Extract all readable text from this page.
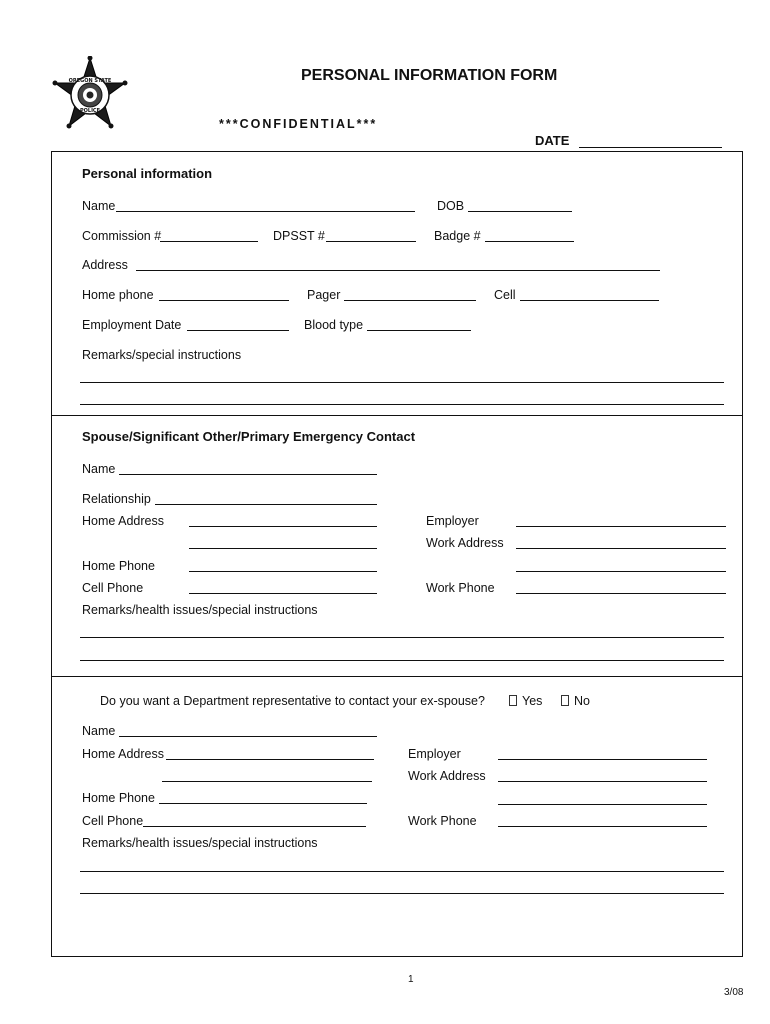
OREGON STATE
POLICE
PERSONAL INFORMATION FORM
***CONFIDENTIAL***
DATE
Personal information
Name	DOB
Commission #	DPSST #	Badge #
Address
Home phone	Pager	Cell
Employment Date	Blood type
Remarks/special instructions
Spouse/Significant Other/Primary Emergency Contact
Name
Relationship
Home Address	Employer
Work Address
Home Phone
Cell Phone	Work Phone
Remarks/health issues/special instructions
Do you want a Department representative to contact your ex-spouse?	Yes	No
Name
Home Address	Employer
Work Address
Home Phone
Cell Phone	Work Phone
Remarks/health issues/special instructions
1
3/08
